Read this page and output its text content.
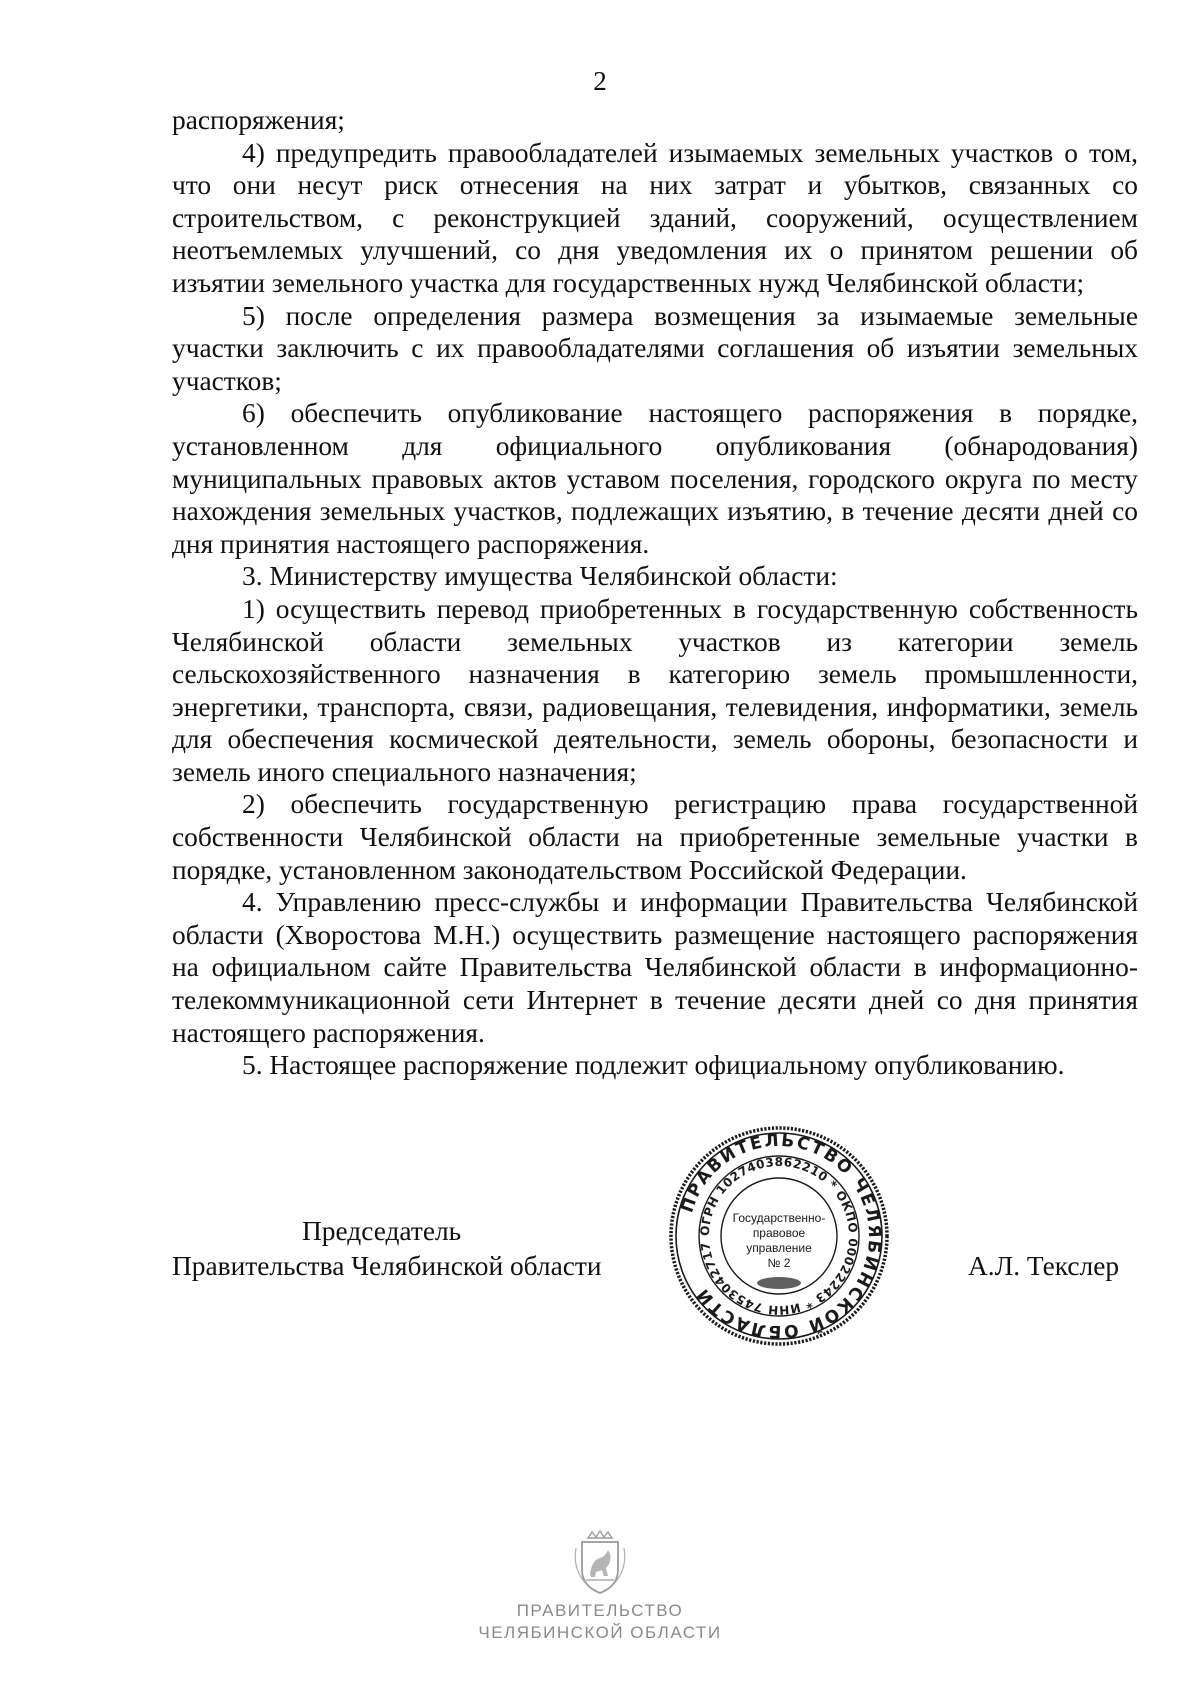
2

распоряжения;

4) предупредить правообладателей изымаемых земельных участков о том, что они несут риск отнесения на них затрат и убытков, связанных со строительством, с реконструкцией зданий, сооружений, осуществлением неотъемлемых улучшений, со дня уведомления их о принятом решении об изъятии земельного участка для государственных нужд Челябинской области;

5) после определения размера возмещения за изымаемые земельные участки заключить с их правообладателями соглашения об изъятии земельных участков;

6) обеспечить опубликование настоящего распоряжения в порядке, установленном для официального опубликования (обнародования) муниципальных правовых актов уставом поселения, городского округа по месту нахождения земельных участков, подлежащих изъятию, в течение десяти дней со дня принятия настоящего распоряжения.

3. Министерству имущества Челябинской области:

1) осуществить перевод приобретенных в государственную собственность Челябинской области земельных участков из категории земель сельскохозяйственного назначения в категорию земель промышленности, энергетики, транспорта, связи, радиовещания, телевидения, информатики, земель для обеспечения космической деятельности, земель обороны, безопасности и земель иного специального назначения;

2) обеспечить государственную регистрацию права государственной собственности Челябинской области на приобретенные земельные участки в порядке, установленном законодательством Российской Федерации.

4. Управлению пресс-службы и информации Правительства Челябинской области (Хворостова М.Н.) осуществить размещение настоящего распоряжения на официальном сайте Правительства Челябинской области в информационно-телекоммуникационной сети Интернет в течение десяти дней со дня принятия настоящего распоряжения.

5. Настоящее распоряжение подлежит официальному опубликованию.

Председатель
Правительства Челябинской области	А.Л. Текслер
ПРАВИТЕЛЬСТВО ЧЕЛЯБИНСКОЙ ОБЛАСТИ
ОГРН 1027403862210 * ОКПО 00022243 * ИНН 7453042717
Государственно-
правовое
управление
№ 2
ПРАВИТЕЛЬСТВО
ЧЕЛЯБИНСКОЙ ОБЛАСТИ
